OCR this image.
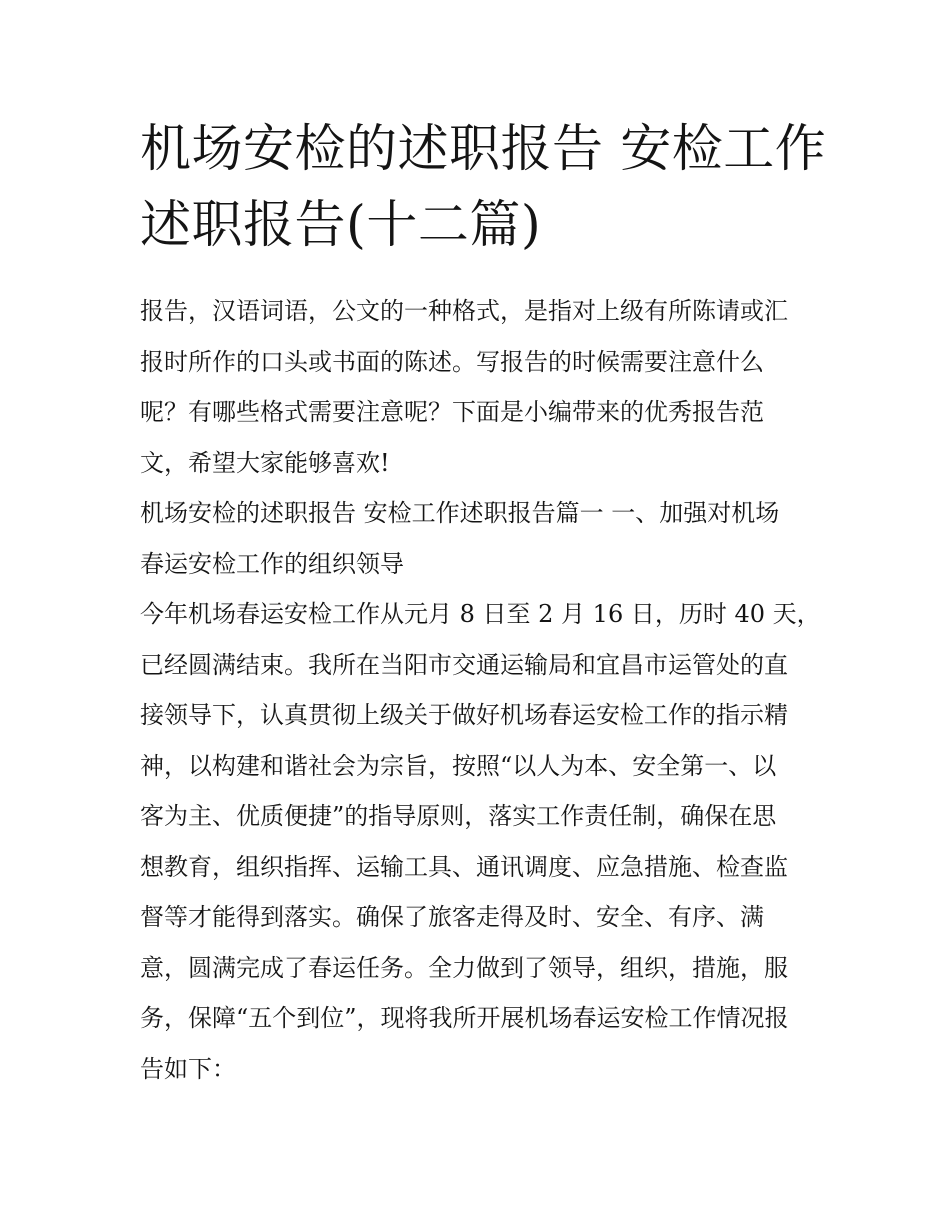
机场安检的述职报告 安检工作
述职报告(十二篇)

报告，汉语词语，公文的一种格式，是指对上级有所陈请或汇
报时所作的口头或书面的陈述。写报告的时候需要注意什么
呢？有哪些格式需要注意呢？下面是小编带来的优秀报告范
文，希望大家能够喜欢!

机场安检的述职报告 安检工作述职报告篇一 一、加强对机场
春运安检工作的组织领导

今年机场春运安检工作从元月 8 日至 2 月 16 日，历时 40 天，
已经圆满结束。我所在当阳市交通运输局和宜昌市运管处的直
接领导下，认真贯彻上级关于做好机场春运安检工作的指示精
神，以构建和谐社会为宗旨，按照“以人为本、安全第一、以
客为主、优质便捷”的指导原则，落实工作责任制，确保在思
想教育，组织指挥、运输工具、通讯调度、应急措施、检查监
督等才能得到落实。确保了旅客走得及时、安全、有序、满
意，圆满完成了春运任务。全力做到了领导，组织，措施，服
务，保障“五个到位”，现将我所开展机场春运安检工作情况报
告如下：
